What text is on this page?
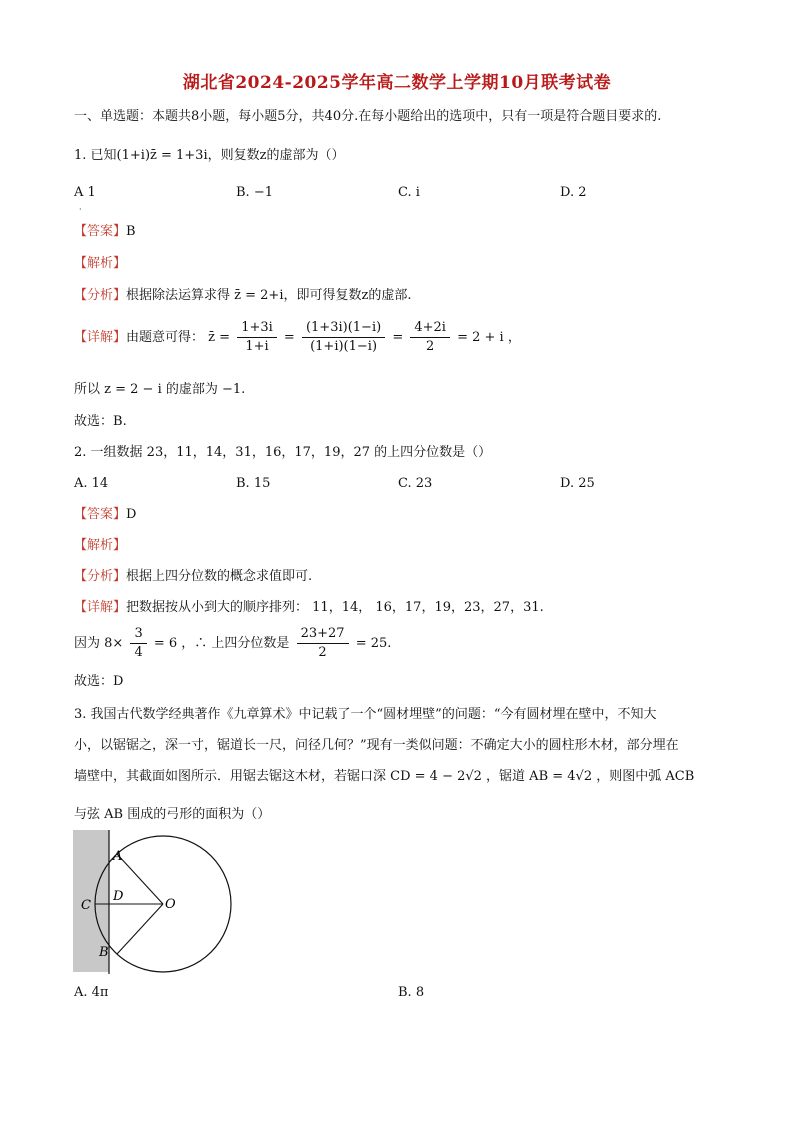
湖北省2024-2025学年高二数学上学期10月联考试卷
一、单选题：本题共8小题，每小题5分，共40分.在每小题给出的选项中，只有一项是符合题目要求的.
1. 已知(1+i)z̄ = 1+3i，则复数z的虚部为（）
A 1	B. −1	C. i	D. 2
·
【答案】B
【解析】
【分析】根据除法运算求得 z̄ = 2+i，即可得复数z的虚部.
【详解】由题意可得： z̄ = $\frac{1+3i}{1+i} = \frac{(1+3i)(1-i)}{(1+i)(1-i)} = \frac{4+2i}{2} = 2 + i$ ，
所以 z = 2 − i 的虚部为 −1.
故选：B.
2. 一组数据 23，11，14，31，16，17，19，27 的上四分位数是（）
A. 14	B. 15	C. 23	D. 25
【答案】D
【解析】
【分析】根据上四分位数的概念求值即可.
【详解】把数据按从小到大的顺序排列： 11，14， 16，17，19，23，27，31.
因为 $8\times \frac{3}{4} = 6$ ，∴ 上四分位数是 $\frac{23+27}{2} = 25$.
故选：D
3. 我国古代数学经典著作《九章算术》中记载了一个“圆材埋壁”的问题：“今有圆材埋在壁中，不知大
小，以锯锯之，深一寸，锯道长一尺，问径几何？”现有一类似问题：不确定大小的圆柱形木材，部分埋在
墙壁中，其截面如图所示．用锯去锯这木材，若锯口深 CD = 4 − 2√2 ，锯道 AB = 4√2 ，则图中弧 ACB
与弦 AB 围成的弓形的面积为（）
A
B
C
D
O
A. 4π	B. 8
